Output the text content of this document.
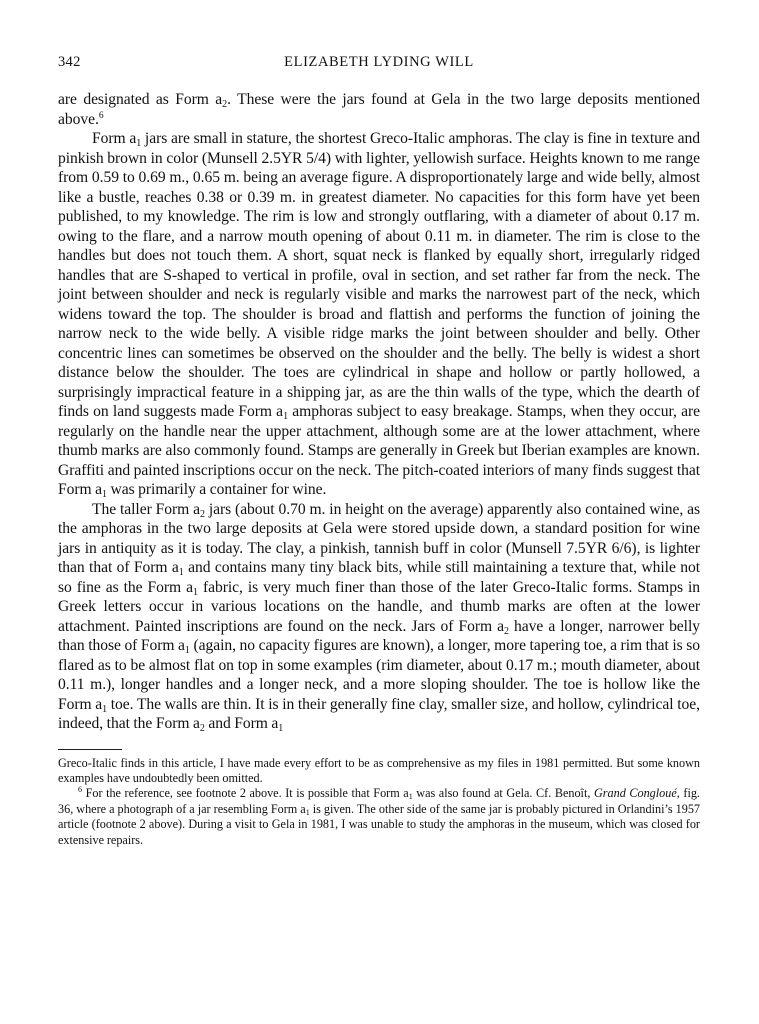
342	ELIZABETH LYDING WILL

are designated as Form $a_2$. These were the jars found at Gela in the two large deposits mentioned above.$^6$

Form $a_1$ jars are small in stature, the shortest Greco-Italic amphoras. The clay is fine in texture and pinkish brown in color (Munsell 2.5YR 5/4) with lighter, yellowish surface. Heights known to me range from 0.59 to 0.69 m., 0.65 m. being an average figure. A disproportionately large and wide belly, almost like a bustle, reaches 0.38 or 0.39 m. in greatest diameter. No capacities for this form have yet been published, to my knowledge. The rim is low and strongly outflaring, with a diameter of about 0.17 m. owing to the flare, and a narrow mouth opening of about 0.11 m. in diameter. The rim is close to the handles but does not touch them. A short, squat neck is flanked by equally short, irregularly ridged handles that are S-shaped to vertical in profile, oval in section, and set rather far from the neck. The joint between shoulder and neck is regularly visible and marks the narrowest part of the neck, which widens toward the top. The shoulder is broad and flattish and performs the function of joining the narrow neck to the wide belly. A visible ridge marks the joint between shoulder and belly. Other concentric lines can sometimes be observed on the shoulder and the belly. The belly is widest a short distance below the shoulder. The toes are cylindrical in shape and hollow or partly hollowed, a surprisingly impractical feature in a shipping jar, as are the thin walls of the type, which the dearth of finds on land suggests made Form $a_1$ amphoras subject to easy breakage. Stamps, when they occur, are regularly on the handle near the upper attachment, although some are at the lower attachment, where thumb marks are also commonly found. Stamps are generally in Greek but Iberian examples are known. Graffiti and painted inscriptions occur on the neck. The pitch-coated interiors of many finds suggest that Form $a_1$ was primarily a container for wine.

The taller Form $a_2$ jars (about 0.70 m. in height on the average) apparently also contained wine, as the amphoras in the two large deposits at Gela were stored upside down, a standard position for wine jars in antiquity as it is today. The clay, a pinkish, tannish buff in color (Munsell 7.5YR 6/6), is lighter than that of Form $a_1$ and contains many tiny black bits, while still maintaining a texture that, while not so fine as the Form $a_1$ fabric, is very much finer than those of the later Greco-Italic forms. Stamps in Greek letters occur in various locations on the handle, and thumb marks are often at the lower attachment. Painted inscriptions are found on the neck. Jars of Form $a_2$ have a longer, narrower belly than those of Form $a_1$ (again, no capacity figures are known), a longer, more tapering toe, a rim that is so flared as to be almost flat on top in some examples (rim diameter, about 0.17 m.; mouth diameter, about 0.11 m.), longer handles and a longer neck, and a more sloping shoulder. The toe is hollow like the Form $a_1$ toe. The walls are thin. It is in their generally fine clay, smaller size, and hollow, cylindrical toe, indeed, that the Form $a_2$ and Form $a_1$

Greco-Italic finds in this article, I have made every effort to be as comprehensive as my files in 1981 permitted. But some known examples have undoubtedly been omitted.

$^6$ For the reference, see footnote 2 above. It is possible that Form $a_1$ was also found at Gela. Cf. Benoît, Grand Congloué, fig. 36, where a photograph of a jar resembling Form $a_1$ is given. The other side of the same jar is probably pictured in Orlandini’s 1957 article (footnote 2 above). During a visit to Gela in 1981, I was unable to study the amphoras in the museum, which was closed for extensive repairs.
